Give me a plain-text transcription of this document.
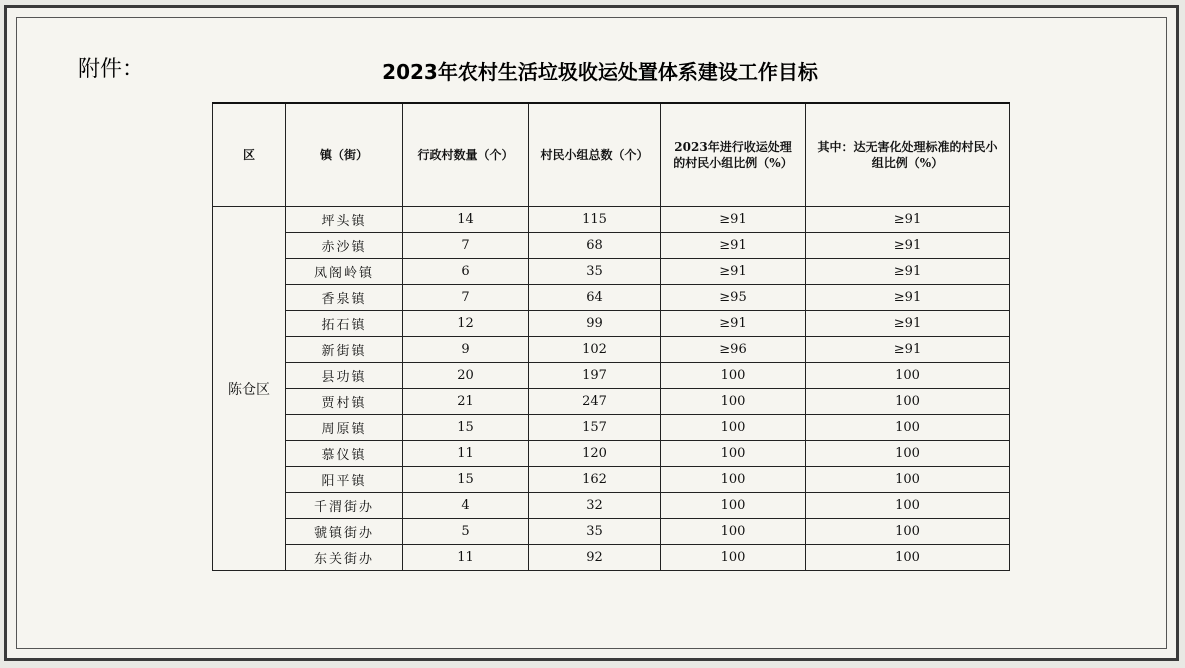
附件：	2023年农村生活垃圾收运处置体系建设工作目标
区	镇（街）	行政村数量（个）	村民小组总数（个）	2023年进行收运处理的村民小组比例（%）	其中：达无害化处理标准的村民小组比例（%）
陈仓区	坪头镇	14	115	≥91	≥91
	赤沙镇	7	68	≥91	≥91
	凤阁岭镇	6	35	≥91	≥91
	香泉镇	7	64	≥95	≥91
	拓石镇	12	99	≥91	≥91
	新街镇	9	102	≥96	≥91
	县功镇	20	197	100	100
	贾村镇	21	247	100	100
	周原镇	15	157	100	100
	慕仪镇	11	120	100	100
	阳平镇	15	162	100	100
	千渭街办	4	32	100	100
	虢镇街办	5	35	100	100
	东关街办	11	92	100	100
